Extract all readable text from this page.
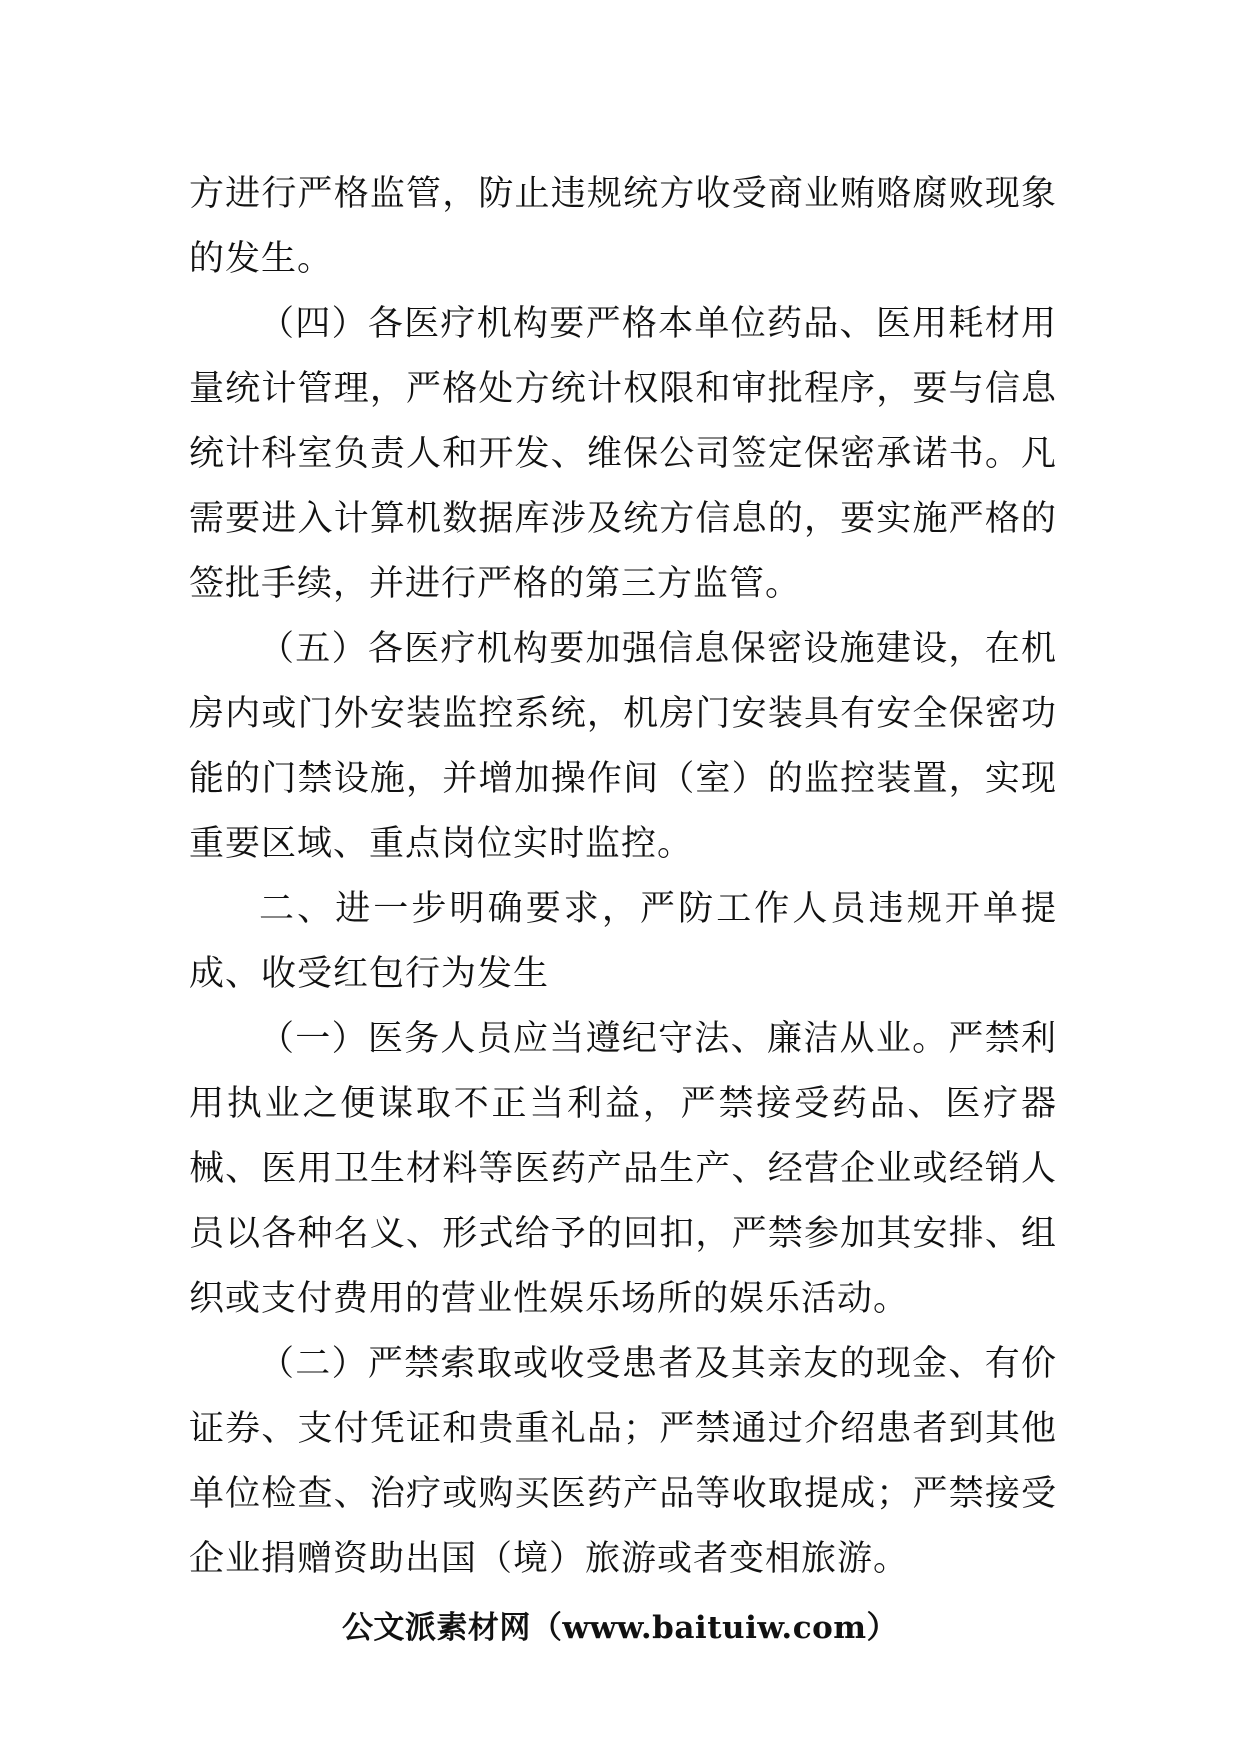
方进行严格监管，防止违规统方收受商业贿赂腐败现象的发生。

（四）各医疗机构要严格本单位药品、医用耗材用量统计管理，严格处方统计权限和审批程序，要与信息统计科室负责人和开发、维保公司签定保密承诺书。凡需要进入计算机数据库涉及统方信息的，要实施严格的签批手续，并进行严格的第三方监管。

（五）各医疗机构要加强信息保密设施建设，在机房内或门外安装监控系统，机房门安装具有安全保密功能的门禁设施，并增加操作间（室）的监控装置，实现重要区域、重点岗位实时监控。

二、进一步明确要求，严防工作人员违规开单提成、收受红包行为发生

（一）医务人员应当遵纪守法、廉洁从业。严禁利用执业之便谋取不正当利益，严禁接受药品、医疗器械、医用卫生材料等医药产品生产、经营企业或经销人员以各种名义、形式给予的回扣，严禁参加其安排、组织或支付费用的营业性娱乐场所的娱乐活动。

（二）严禁索取或收受患者及其亲友的现金、有价证券、支付凭证和贵重礼品；严禁通过介绍患者到其他单位检查、治疗或购买医药产品等收取提成；严禁接受企业捐赠资助出国（境）旅游或者变相旅游。

公文派素材网（www.baituiw.com）
